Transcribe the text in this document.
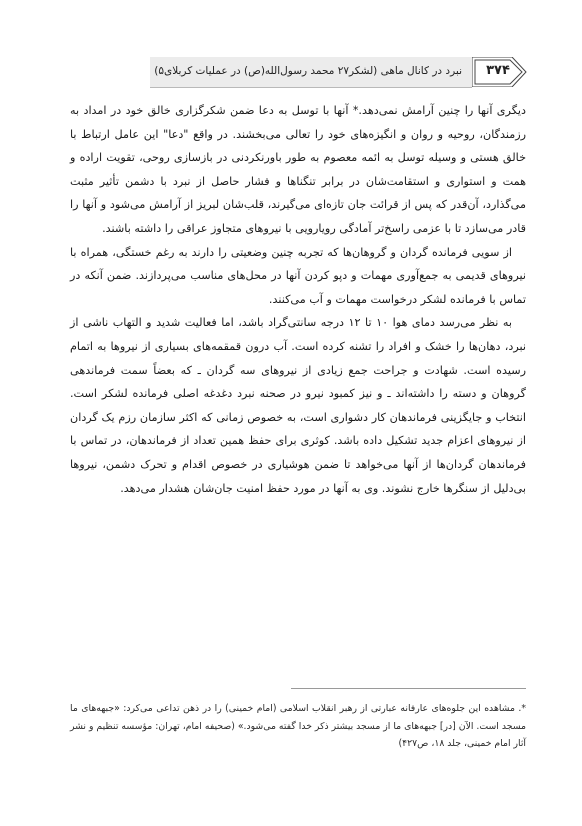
نبرد در کانال ماهی (لشکر۲۷ محمد رسول‌الله(ص) در عملیات کربلای۵)	۳۷۴

دیگری آنها را چنین آرامش نمی‌دهد.* آنها با توسل به دعا ضمن شکرگزاری خالق خود در امداد به رزمندگان، روحیه و روان و انگیزه‌های خود را تعالی می‌بخشند. در واقع "دعا" این عامل ارتباط با خالق هستی و وسیله توسل به ائمه معصوم به طور باورنکردنی در بازسازی روحی، تقویت اراده و همت و استواری و استقامت‌شان در برابر تنگناها و فشار حاصل از نبرد با دشمن تأثیر مثبت می‌گذارد، آن‌قدر که پس از قرائت جان تازه‌ای می‌گیرند، قلب‌شان لبریز از آرامش می‌شود و آنها را قادر می‌سازد تا با عزمی راسخ‌تر آمادگی رویارویی با نیروهای متجاوز عراقی را داشته باشند.

از سویی فرمانده گردان و گروهان‌ها که تجربه چنین وضعیتی را دارند به رغم خستگی، همراه با نیروهای قدیمی به جمع‌آوری مهمات و دپو کردن آنها در محل‌های مناسب می‌پردازند. ضمن آنکه در تماس با فرمانده لشکر درخواست مهمات و آب می‌کنند.

به نظر می‌رسد دمای هوا ۱۰ تا ۱۲ درجه سانتی‌گراد باشد، اما فعالیت شدید و التهاب ناشی از نبرد، دهان‌ها را خشک و افراد را تشنه کرده است. آب درون قمقمه‌های بسیاری از نیروها به اتمام رسیده است. شهادت و جراحت جمع زیادی از نیروهای سه گردان ـ که بعضاً سمت فرماندهی گروهان و دسته را داشته‌اند ـ و نیز کمبود نیرو در صحنه نبرد دغدغه اصلی فرمانده لشکر است. انتخاب و جایگزینی فرماندهان کار دشواری است، به خصوص زمانی که اکثر سازمان رزم یک گردان از نیروهای اعزام جدید تشکیل داده باشد. کوثری برای حفظ همین تعداد از فرماندهان، در تماس با فرماندهان گردان‌ها از آنها می‌خواهد تا ضمن هوشیاری در خصوص اقدام و تحرک دشمن، نیروها بی‌دلیل از سنگرها خارج نشوند. وی به آنها در مورد حفظ امنیت جان‌شان هشدار می‌دهد.

*. مشاهده این جلوه‌های عارفانه عبارتی از رهبر انقلاب اسلامی (امام خمینی) را در ذهن تداعی می‌کرد: «جبهه‌های ما مسجد است. الآن [در] جبهه‌های ما از مسجد بیشتر ذکر خدا گفته می‌شود.» (صحیفه امام، تهران: مؤسسه تنظیم و نشر آثار امام خمینی، جلد ۱۸، ص۴۲۷)
